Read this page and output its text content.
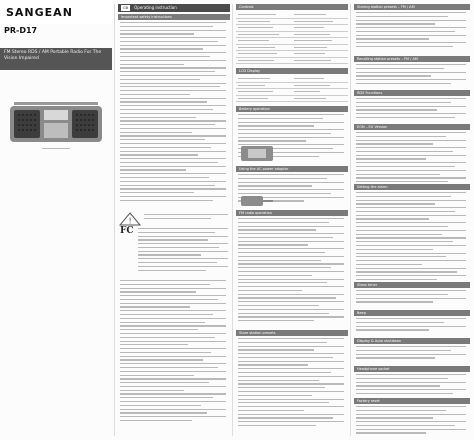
SANGEAN
PR-D17
FM Stereo RDS / AM Portable Radio For The Vision Impaired
GB Operating instruction
Important safety instructions
!
FC
Controls
LCD Display
Battery operation
Using the AC power adaptor
FM radio operation
Store station presets
Storing station presets – FM / AM
Recalling station presets – FM / AM
RDS Functions
EON – EU Version
Setting the alarm
Sleep timer
Beep
Display & Auto shutdown
Headphone socket
Factory reset
